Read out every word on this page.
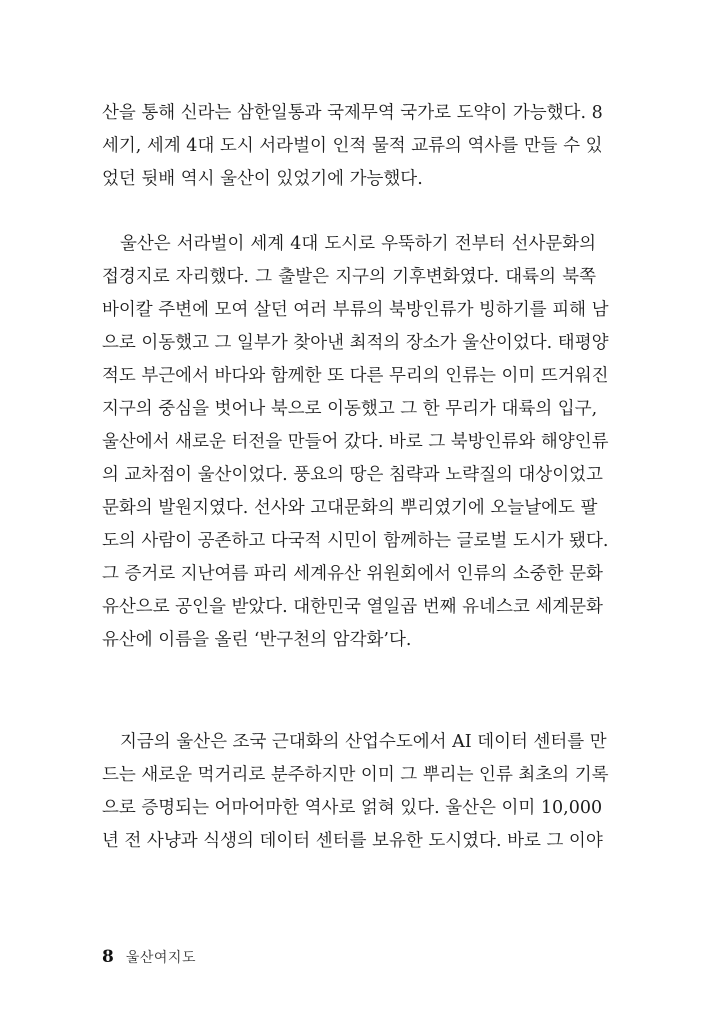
산을 통해 신라는 삼한일통과 국제무역 국가로 도약이 가능했다. 8
세기, 세계 4대 도시 서라벌이 인적 물적 교류의 역사를 만들 수 있
었던 뒷배 역시 울산이 있었기에 가능했다.
울산은 서라벌이 세계 4대 도시로 우뚝하기 전부터 선사문화의
접경지로 자리했다. 그 출발은 지구의 기후변화였다. 대륙의 북쪽
바이칼 주변에 모여 살던 여러 부류의 북방인류가 빙하기를 피해 남
으로 이동했고 그 일부가 찾아낸 최적의 장소가 울산이었다. 태평양
적도 부근에서 바다와 함께한 또 다른 무리의 인류는 이미 뜨거워진
지구의 중심을 벗어나 북으로 이동했고 그 한 무리가 대륙의 입구,
울산에서 새로운 터전을 만들어 갔다. 바로 그 북방인류와 해양인류
의 교차점이 울산이었다. 풍요의 땅은 침략과 노략질의 대상이었고
문화의 발원지였다. 선사와 고대문화의 뿌리였기에 오늘날에도 팔
도의 사람이 공존하고 다국적 시민이 함께하는 글로벌 도시가 됐다.
그 증거로 지난여름 파리 세계유산 위원회에서 인류의 소중한 문화
유산으로 공인을 받았다. 대한민국 열일곱 번째 유네스코 세계문화
유산에 이름을 올린 ‘반구천의 암각화’다.
지금의 울산은 조국 근대화의 산업수도에서 AI 데이터 센터를 만
드는 새로운 먹거리로 분주하지만 이미 그 뿌리는 인류 최초의 기록
으로 증명되는 어마어마한 역사로 얽혀 있다. 울산은 이미 10,000
년 전 사냥과 식생의 데이터 센터를 보유한 도시였다. 바로 그 이야
8 울산여지도
